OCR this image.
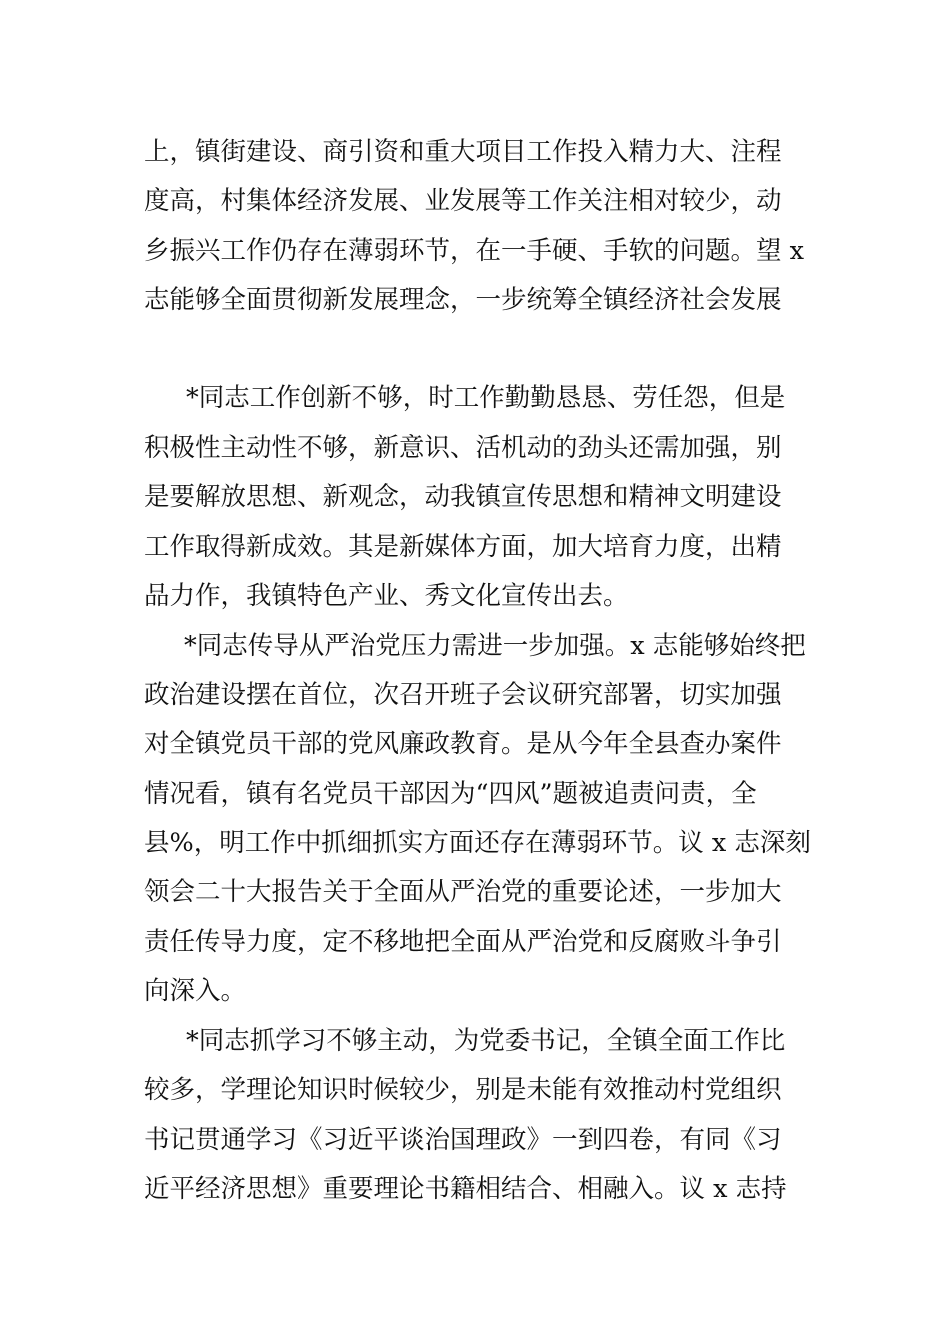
上，镇街建设、商引资和重大项目工作投入精力大、注程
度高，村集体经济发展、业发展等工作关注相对较少，动
乡振兴工作仍存在薄弱环节，在一手硬、手软的问题。望 x
志能够全面贯彻新发展理念，一步统筹全镇经济社会发展
*同志工作创新不够，时工作勤勤恳恳、劳任怨，但是
积极性主动性不够，新意识、活机动的劲头还需加强，别
是要解放思想、新观念，动我镇宣传思想和精神文明建设
工作取得新成效。其是新媒体方面，加大培育力度，出精
品力作，我镇特色产业、秀文化宣传出去。
*同志传导从严治党压力需进一步加强。x 志能够始终把
政治建设摆在首位，次召开班子会议研究部署，切实加强
对全镇党员干部的党风廉政教育。是从今年全县查办案件
情况看，镇有名党员干部因为“四风”题被追责问责，全
县%，明工作中抓细抓实方面还存在薄弱环节。议 x 志深刻
领会二十大报告关于全面从严治党的重要论述，一步加大
责任传导力度，定不移地把全面从严治党和反腐败斗争引
向深入。
*同志抓学习不够主动，为党委书记，全镇全面工作比
较多，学理论知识时候较少，别是未能有效推动村党组织
书记贯通学习《习近平谈治国理政》一到四卷，有同《习
近平经济思想》重要理论书籍相结合、相融入。议 x 志持
